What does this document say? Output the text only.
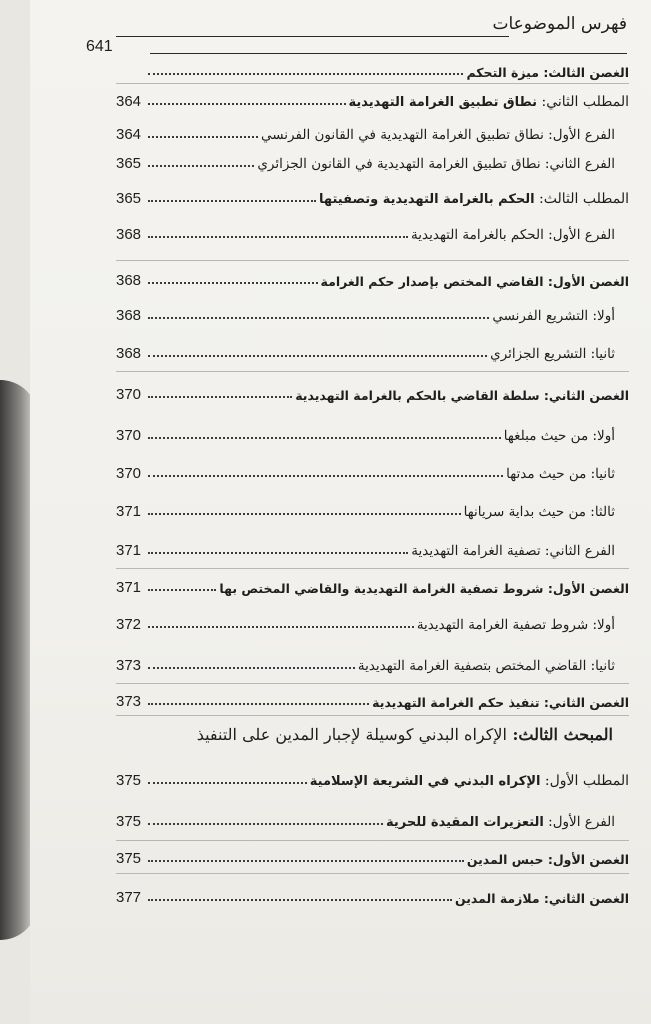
فهرس الموضوعات
641
الغصن الثالث: ميزة التحكم
المطلب الثاني: نطاق تطبيق الغرامة التهديدية
364
الفرع الأول: نطاق تطبيق الغرامة التهديدية في القانون الفرنسي
364
الفرع الثاني: نطاق تطبيق الغرامة التهديدية في القانون الجزائري
365
المطلب الثالث: الحكم بالغرامة التهديدية وتصفيتها
365
الفرع الأول: الحكم بالغرامة التهديدية
368
الغصن الأول: القاضي المختص بإصدار حكم الغرامة
368
أولا: التشريع الفرنسي
368
ثانيا: التشريع الجزائري
368
الغصن الثاني: سلطة القاضي بالحكم بالغرامة التهديدية
370
أولا: من حيث مبلغها
370
ثانيا: من حيث مدتها
370
ثالثا: من حيث بداية سريانها
371
الفرع الثاني: تصفية الغرامة التهديدية
371
الغصن الأول: شروط تصفية الغرامة التهديدية والقاضي المختص بها
371
أولا: شروط تصفية الغرامة التهديدية
372
ثانيا: القاضي المختص بتصفية الغرامة التهديدية
373
الغصن الثاني: تنفيذ حكم الغرامة التهديدية
373
المبحث الثالث: الإكراه البدني كوسيلة لإجبار المدين على التنفيذ
المطلب الأول: الإكراه البدني في الشريعة الإسلامية
375
الفرع الأول: التعزيرات المقيدة للحرية
375
الغصن الأول: حبس المدين
375
الغصن الثاني: ملازمة المدين
377
